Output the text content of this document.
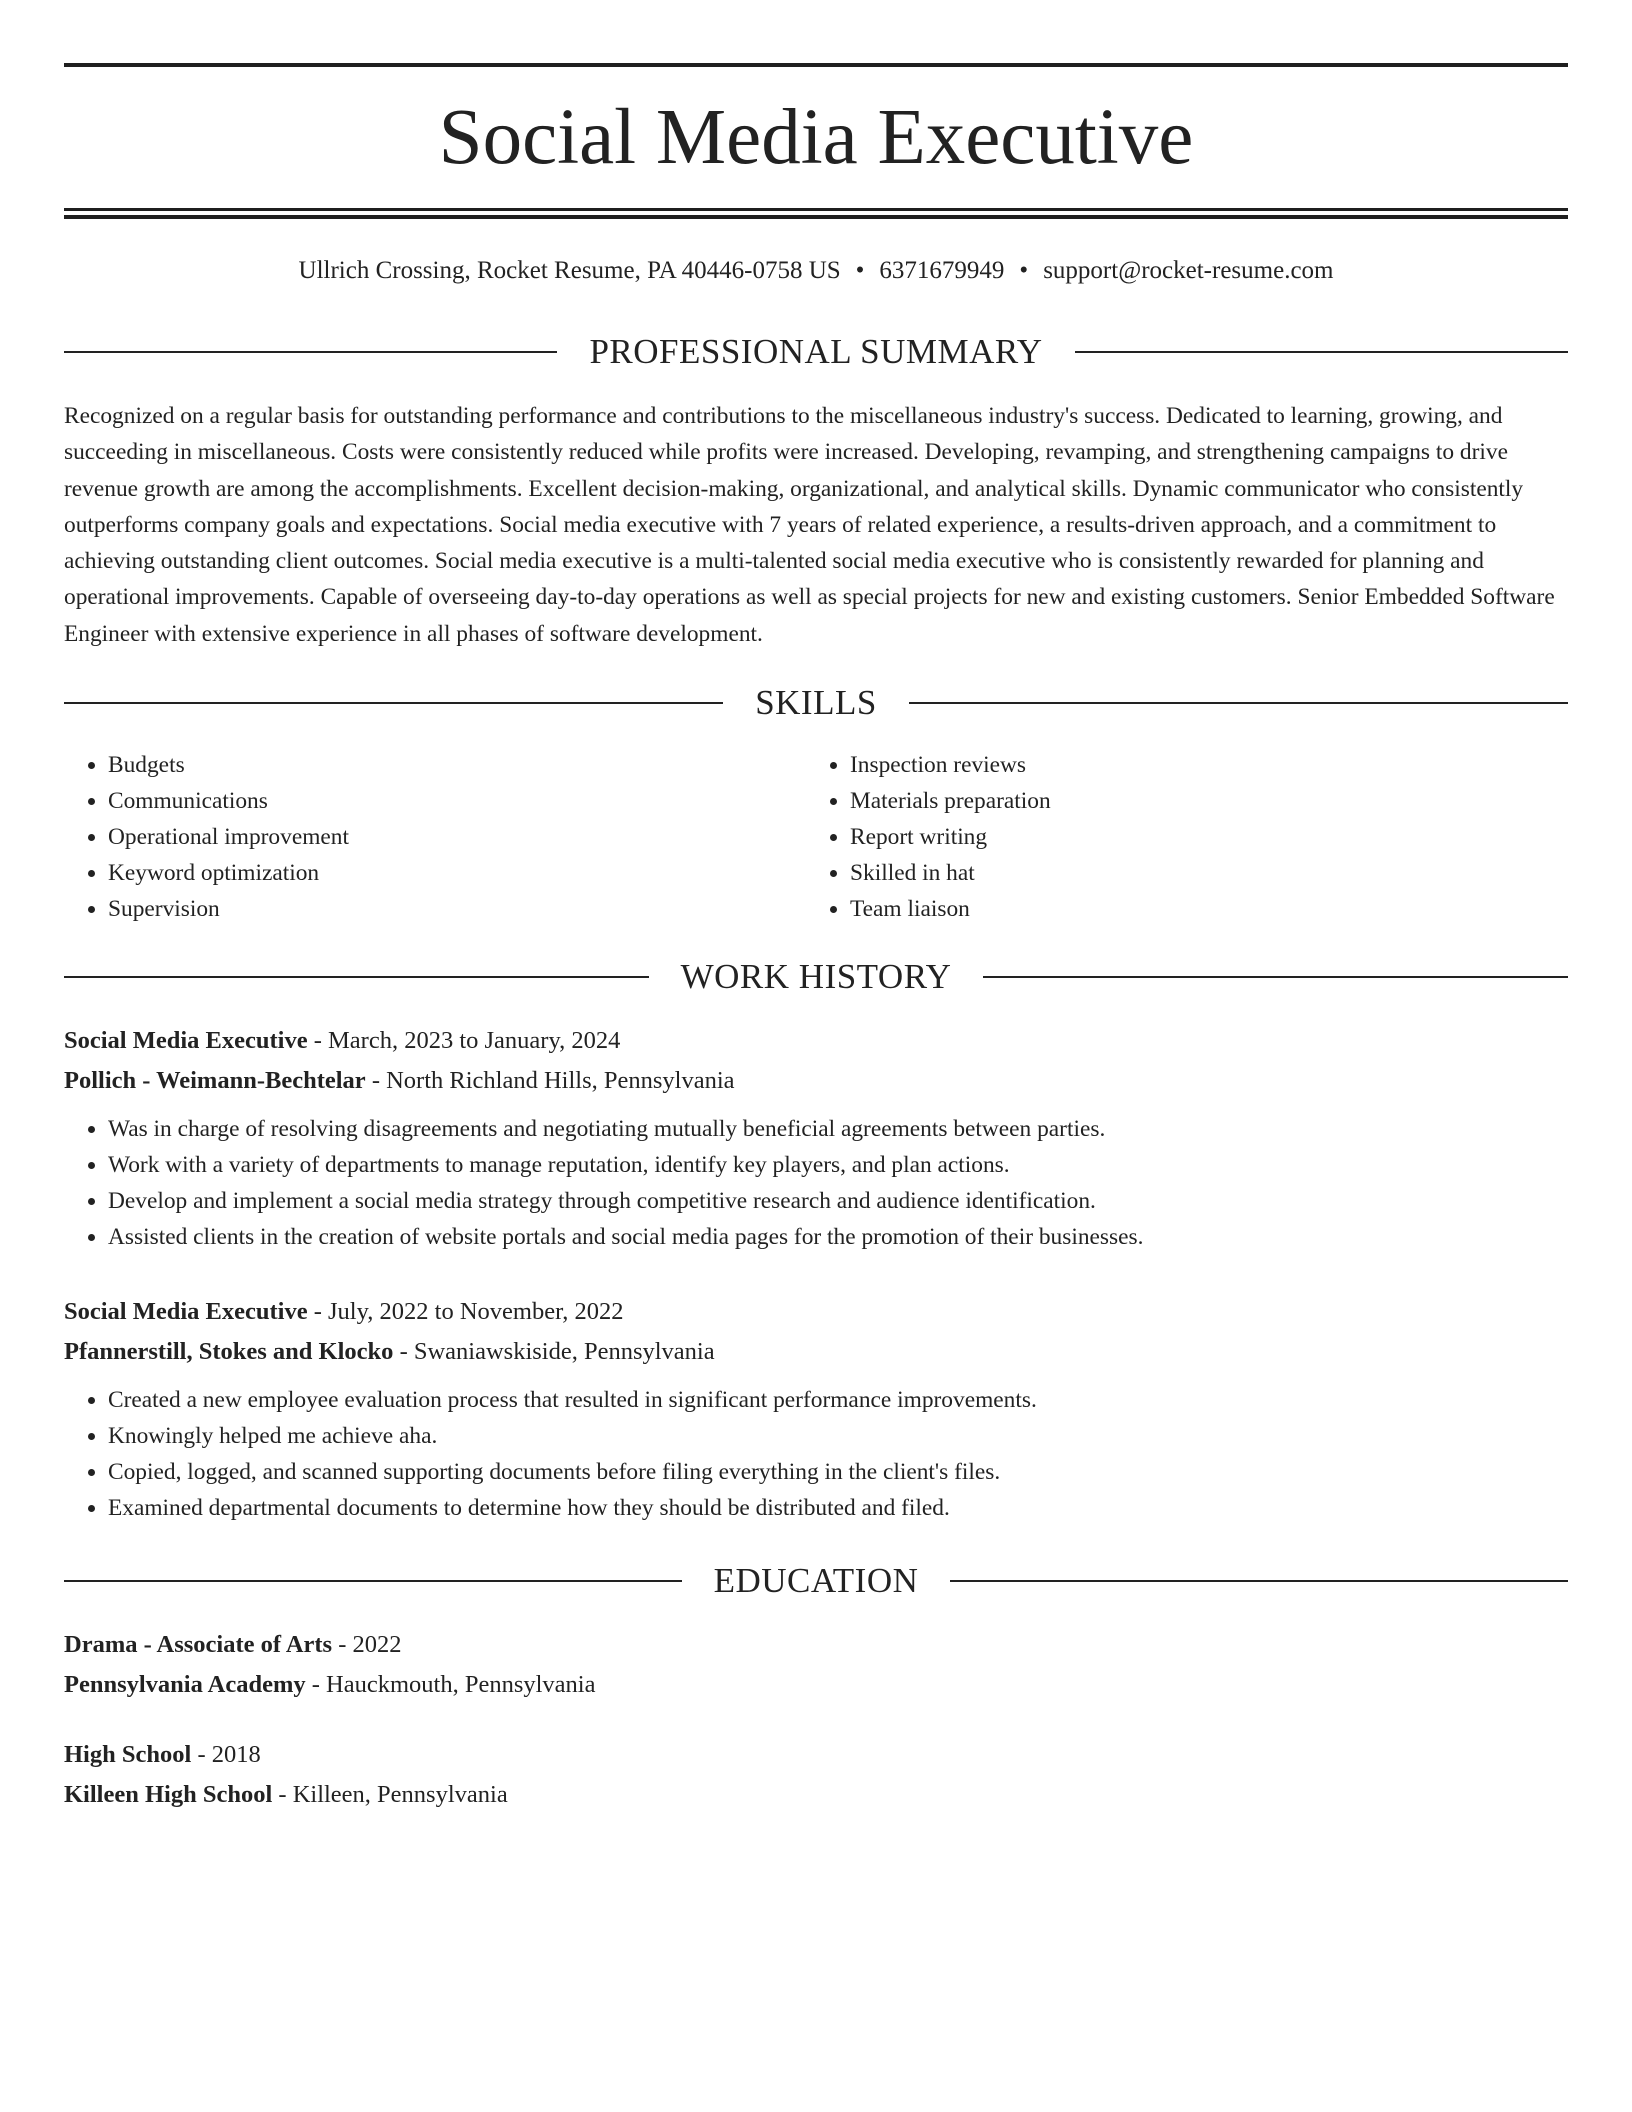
Social Media Executive
Ullrich Crossing, Rocket Resume, PA 40446-0758 US • 6371679949 • support@rocket-resume.com
PROFESSIONAL SUMMARY

Recognized on a regular basis for outstanding performance and contributions to the miscellaneous industry's success. Dedicated to learning, growing, and succeeding in miscellaneous. Costs were consistently reduced while profits were increased. Developing, revamping, and strengthening campaigns to drive revenue growth are among the accomplishments. Excellent decision-making, organizational, and analytical skills. Dynamic communicator who consistently outperforms company goals and expectations. Social media executive with 7 years of related experience, a results-driven approach, and a commitment to achieving outstanding client outcomes. Social media executive is a multi-talented social media executive who is consistently rewarded for planning and operational improvements. Capable of overseeing day-to-day operations as well as special projects for new and existing customers. Senior Embedded Software Engineer with extensive experience in all phases of software development.

SKILLS
• Budgets
• Communications
• Operational improvement
• Keyword optimization
• Supervision
• Inspection reviews
• Materials preparation
• Report writing
• Skilled in hat
• Team liaison
WORK HISTORY

Social Media Executive - March, 2023 to January, 2024

Pollich - Weimann-Bechtelar - North Richland Hills, Pennsylvania

• Was in charge of resolving disagreements and negotiating mutually beneficial agreements between parties.
• Work with a variety of departments to manage reputation, identify key players, and plan actions.
• Develop and implement a social media strategy through competitive research and audience identification.
• Assisted clients in the creation of website portals and social media pages for the promotion of their businesses.

Social Media Executive - July, 2022 to November, 2022

Pfannerstill, Stokes and Klocko - Swaniawskiside, Pennsylvania

• Created a new employee evaluation process that resulted in significant performance improvements.
• Knowingly helped me achieve aha.
• Copied, logged, and scanned supporting documents before filing everything in the client's files.
• Examined departmental documents to determine how they should be distributed and filed.
EDUCATION

Drama - Associate of Arts - 2022

Pennsylvania Academy - Hauckmouth, Pennsylvania

High School - 2018

Killeen High School - Killeen, Pennsylvania
